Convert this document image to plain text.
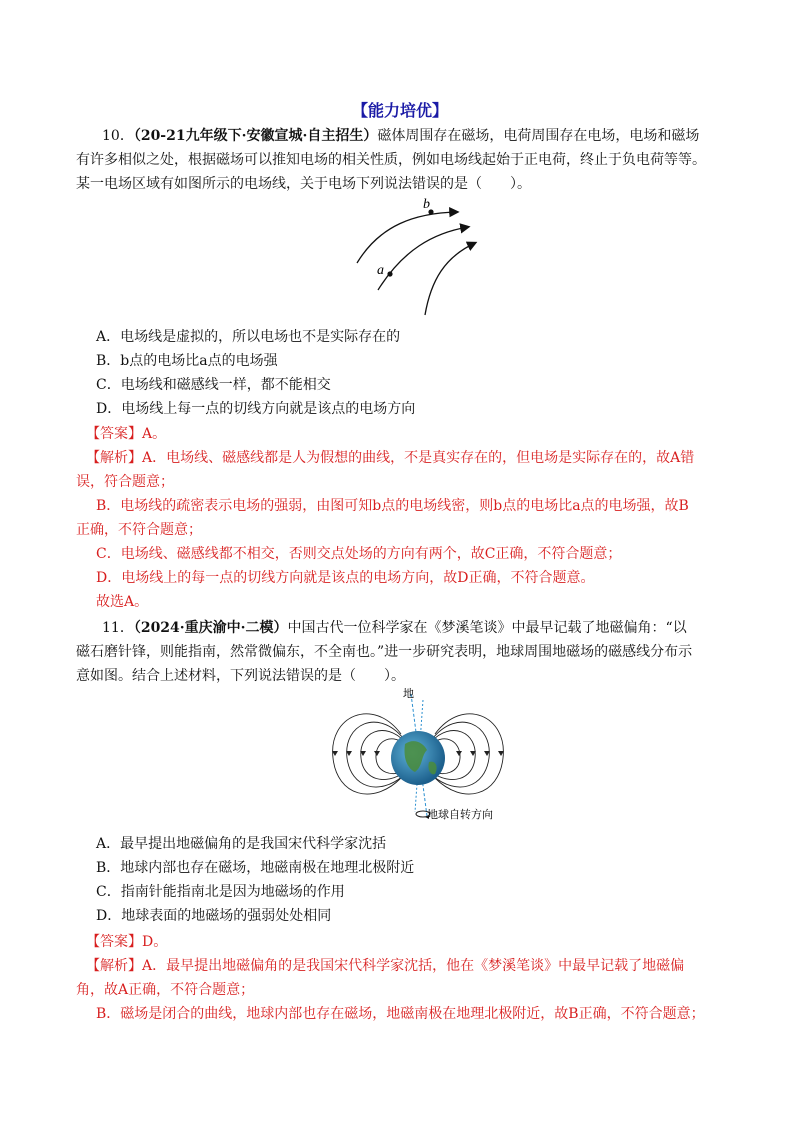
【能力培优】
10．（20-21九年级下·安徽宣城·自主招生）磁体周围存在磁场，电荷周围存在电场，电场和磁场
有许多相似之处，根据磁场可以推知电场的相关性质，例如电场线起始于正电荷，终止于负电荷等等。
某一电场区域有如图所示的电场线，关于电场下列说法错误的是（　　）。
b
a
A．电场线是虚拟的，所以电场也不是实际存在的
B．b点的电场比a点的电场强
C．电场线和磁感线一样，都不能相交
D．电场线上每一点的切线方向就是该点的电场方向
【答案】A。
【解析】A．电场线、磁感线都是人为假想的曲线，不是真实存在的，但电场是实际存在的，故A错
误，符合题意；
B．电场线的疏密表示电场的强弱，由图可知b点的电场线密，则b点的电场比a点的电场强，故B
正确，不符合题意；
C．电场线、磁感线都不相交，否则交点处场的方向有两个，故C正确，不符合题意；
D．电场线上的每一点的切线方向就是该点的电场方向，故D正确，不符合题意。
故选A。
11．（2024·重庆渝中·二模）中国古代一位科学家在《梦溪笔谈》中最早记载了地磁偏角：“以
磁石磨针锋，则能指南，然常微偏东，不全南也。”进一步研究表明，地球周围地磁场的磁感线分布示
意如图。结合上述材料，下列说法错误的是（　　）。
地
地球自转方向
A．最早提出地磁偏角的是我国宋代科学家沈括
B．地球内部也存在磁场，地磁南极在地理北极附近
C．指南针能指南北是因为地磁场的作用
D．地球表面的地磁场的强弱处处相同
【答案】D。
【解析】A．最早提出地磁偏角的是我国宋代科学家沈括，他在《梦溪笔谈》中最早记载了地磁偏
角，故A正确，不符合题意；
B．磁场是闭合的曲线，地球内部也存在磁场，地磁南极在地理北极附近，故B正确，不符合题意；
